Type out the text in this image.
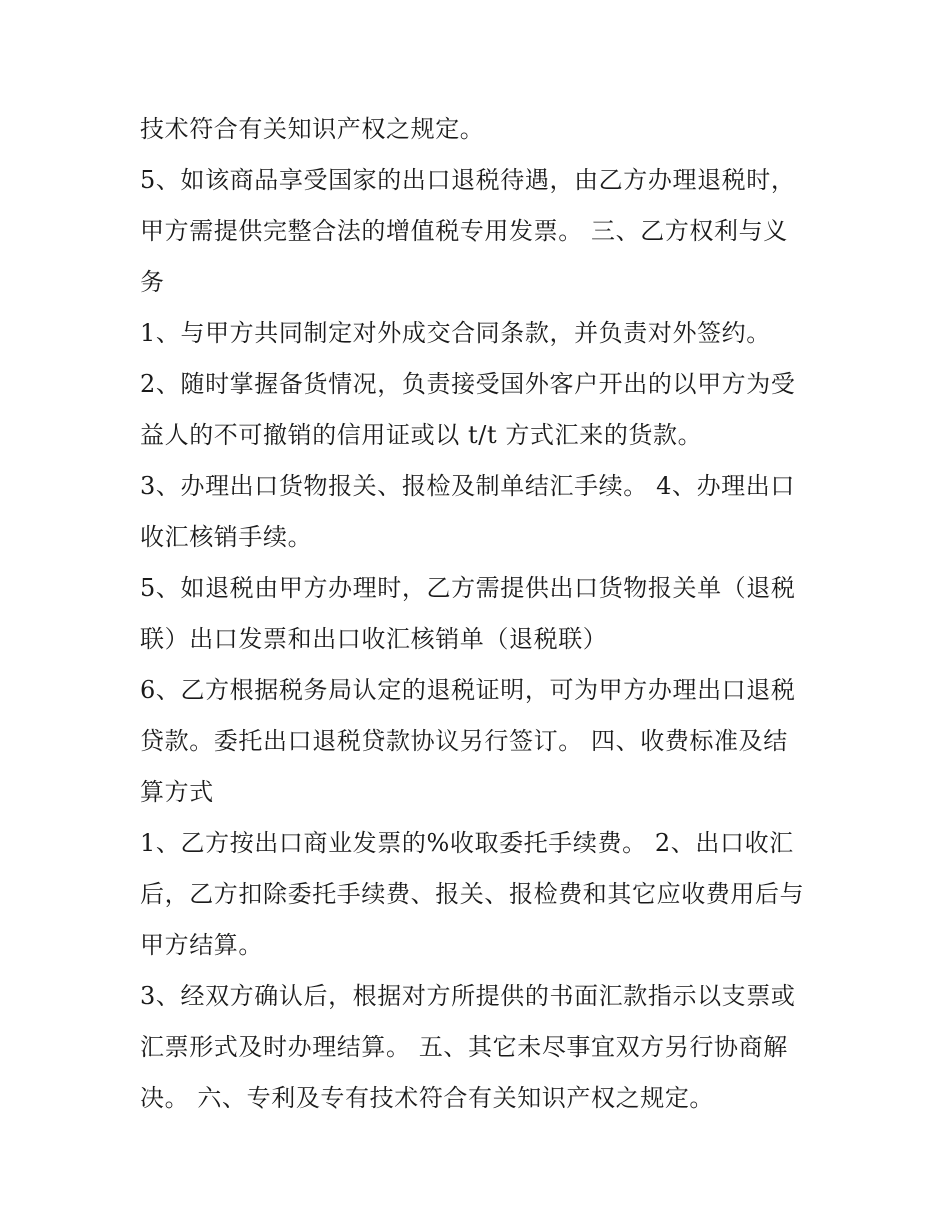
技术符合有关知识产权之规定。
5、如该商品享受国家的出口退税待遇，由乙方办理退税时，
甲方需提供完整合法的增值税专用发票。 三、乙方权利与义
务
1、与甲方共同制定对外成交合同条款，并负责对外签约。
2、随时掌握备货情况，负责接受国外客户开出的以甲方为受
益人的不可撤销的信用证或以 t/t 方式汇来的货款。
3、办理出口货物报关、报检及制单结汇手续。 4、办理出口
收汇核销手续。
5、如退税由甲方办理时，乙方需提供出口货物报关单（退税
联）出口发票和出口收汇核销单（退税联）
6、乙方根据税务局认定的退税证明，可为甲方办理出口退税
贷款。委托出口退税贷款协议另行签订。 四、收费标准及结
算方式
1、乙方按出口商业发票的%收取委托手续费。 2、出口收汇
后，乙方扣除委托手续费、报关、报检费和其它应收费用后与
甲方结算。
3、经双方确认后，根据对方所提供的书面汇款指示以支票或
汇票形式及时办理结算。 五、其它未尽事宜双方另行协商解
决。 六、专利及专有技术符合有关知识产权之规定。
